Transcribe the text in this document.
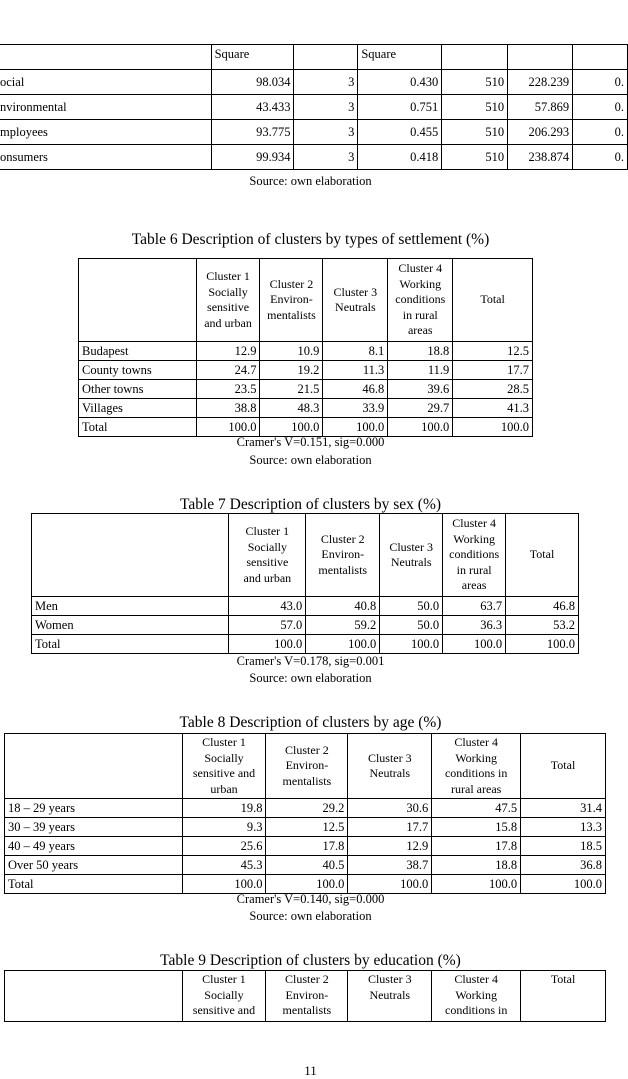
	Square		Square			
ocial	98.034	3	0.430	510	228.239	0.
nvironmental	43.433	3	0.751	510	57.869	0.
mployees	93.775	3	0.455	510	206.293	0.
onsumers	99.934	3	0.418	510	238.874	0.
Source: own elaboration
Table 6 Description of clusters by types of settlement (%)
	Cluster 1
Socially
sensitive
and urban	Cluster 2
Environ-
mentalists	Cluster 3
Neutrals	Cluster 4
Working
conditions
in rural
areas	Total
Budapest	12.9	10.9	8.1	18.8	12.5
County towns	24.7	19.2	11.3	11.9	17.7
Other towns	23.5	21.5	46.8	39.6	28.5
Villages	38.8	48.3	33.9	29.7	41.3
Total	100.0	100.0	100.0	100.0	100.0
Cramer's V=0.151, sig=0.000
Source: own elaboration
Table 7 Description of clusters by sex (%)
	Cluster 1
Socially
sensitive
and urban	Cluster 2
Environ-
mentalists	Cluster 3
Neutrals	Cluster 4
Working
conditions
in rural
areas	Total
Men	43.0	40.8	50.0	63.7	46.8
Women	57.0	59.2	50.0	36.3	53.2
Total	100.0	100.0	100.0	100.0	100.0
Cramer's V=0.178, sig=0.001
Source: own elaboration
Table 8 Description of clusters by age (%)
	Cluster 1
Socially
sensitive and
urban	Cluster 2
Environ-
mentalists	Cluster 3
Neutrals	Cluster 4
Working
conditions in
rural areas	Total
18 – 29 years	19.8	29.2	30.6	47.5	31.4
30 – 39 years	9.3	12.5	17.7	15.8	13.3
40 – 49 years	25.6	17.8	12.9	17.8	18.5
Over 50 years	45.3	40.5	38.7	18.8	36.8
Total	100.0	100.0	100.0	100.0	100.0
Cramer's V=0.140, sig=0.000
Source: own elaboration
Table 9 Description of clusters by education (%)
	Cluster 1
Socially
sensitive and	Cluster 2
Environ-
mentalists	Cluster 3
Neutrals	Cluster 4
Working
conditions in	Total
11
